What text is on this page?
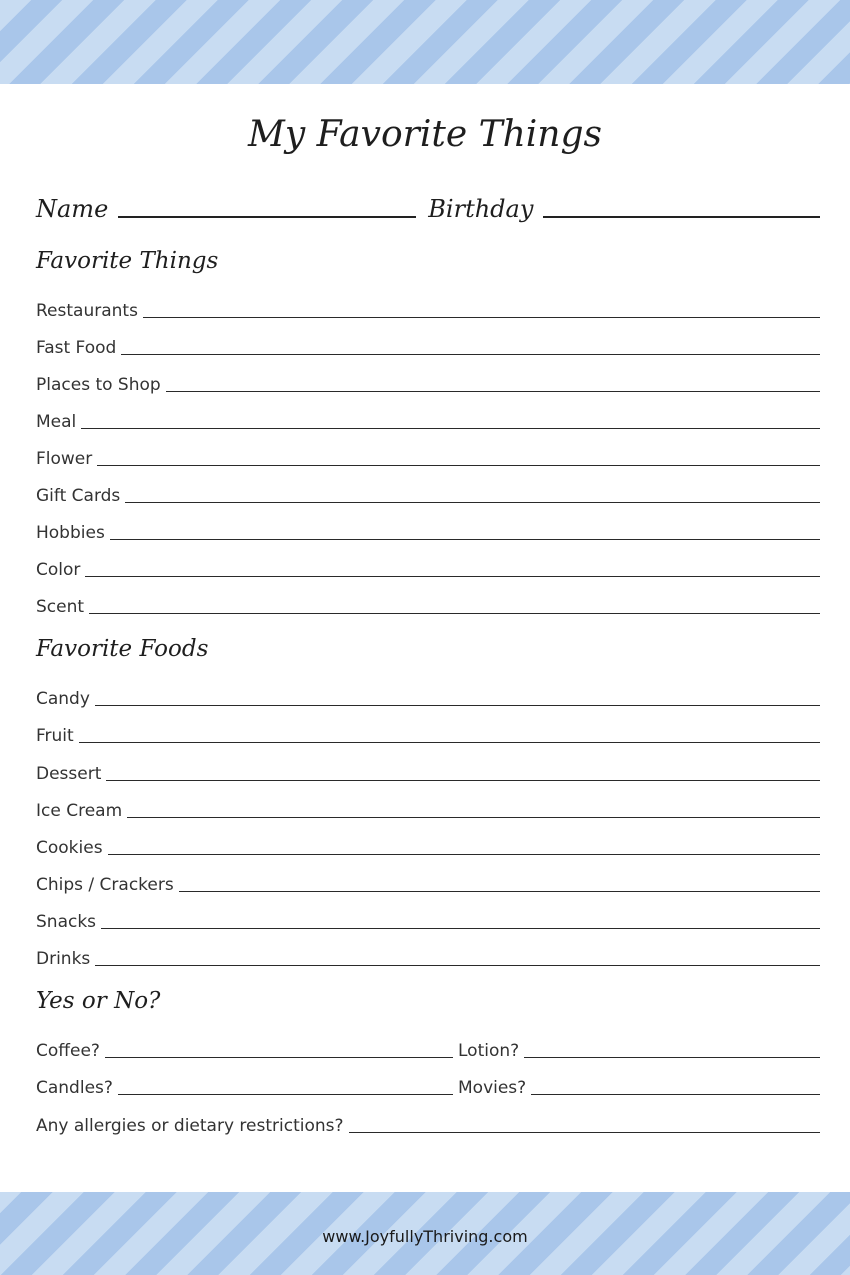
My Favorite Things
Name	Birthday
Favorite Things
Restaurants
Fast Food
Places to Shop
Meal
Flower
Gift Cards
Hobbies
Color
Scent
Favorite Foods
Candy
Fruit
Dessert
Ice Cream
Cookies
Chips / Crackers
Snacks
Drinks
Yes or No?
Coffee?	Lotion?
Candles?	Movies?
Any allergies or dietary restrictions?
www.JoyfullyThriving.com
